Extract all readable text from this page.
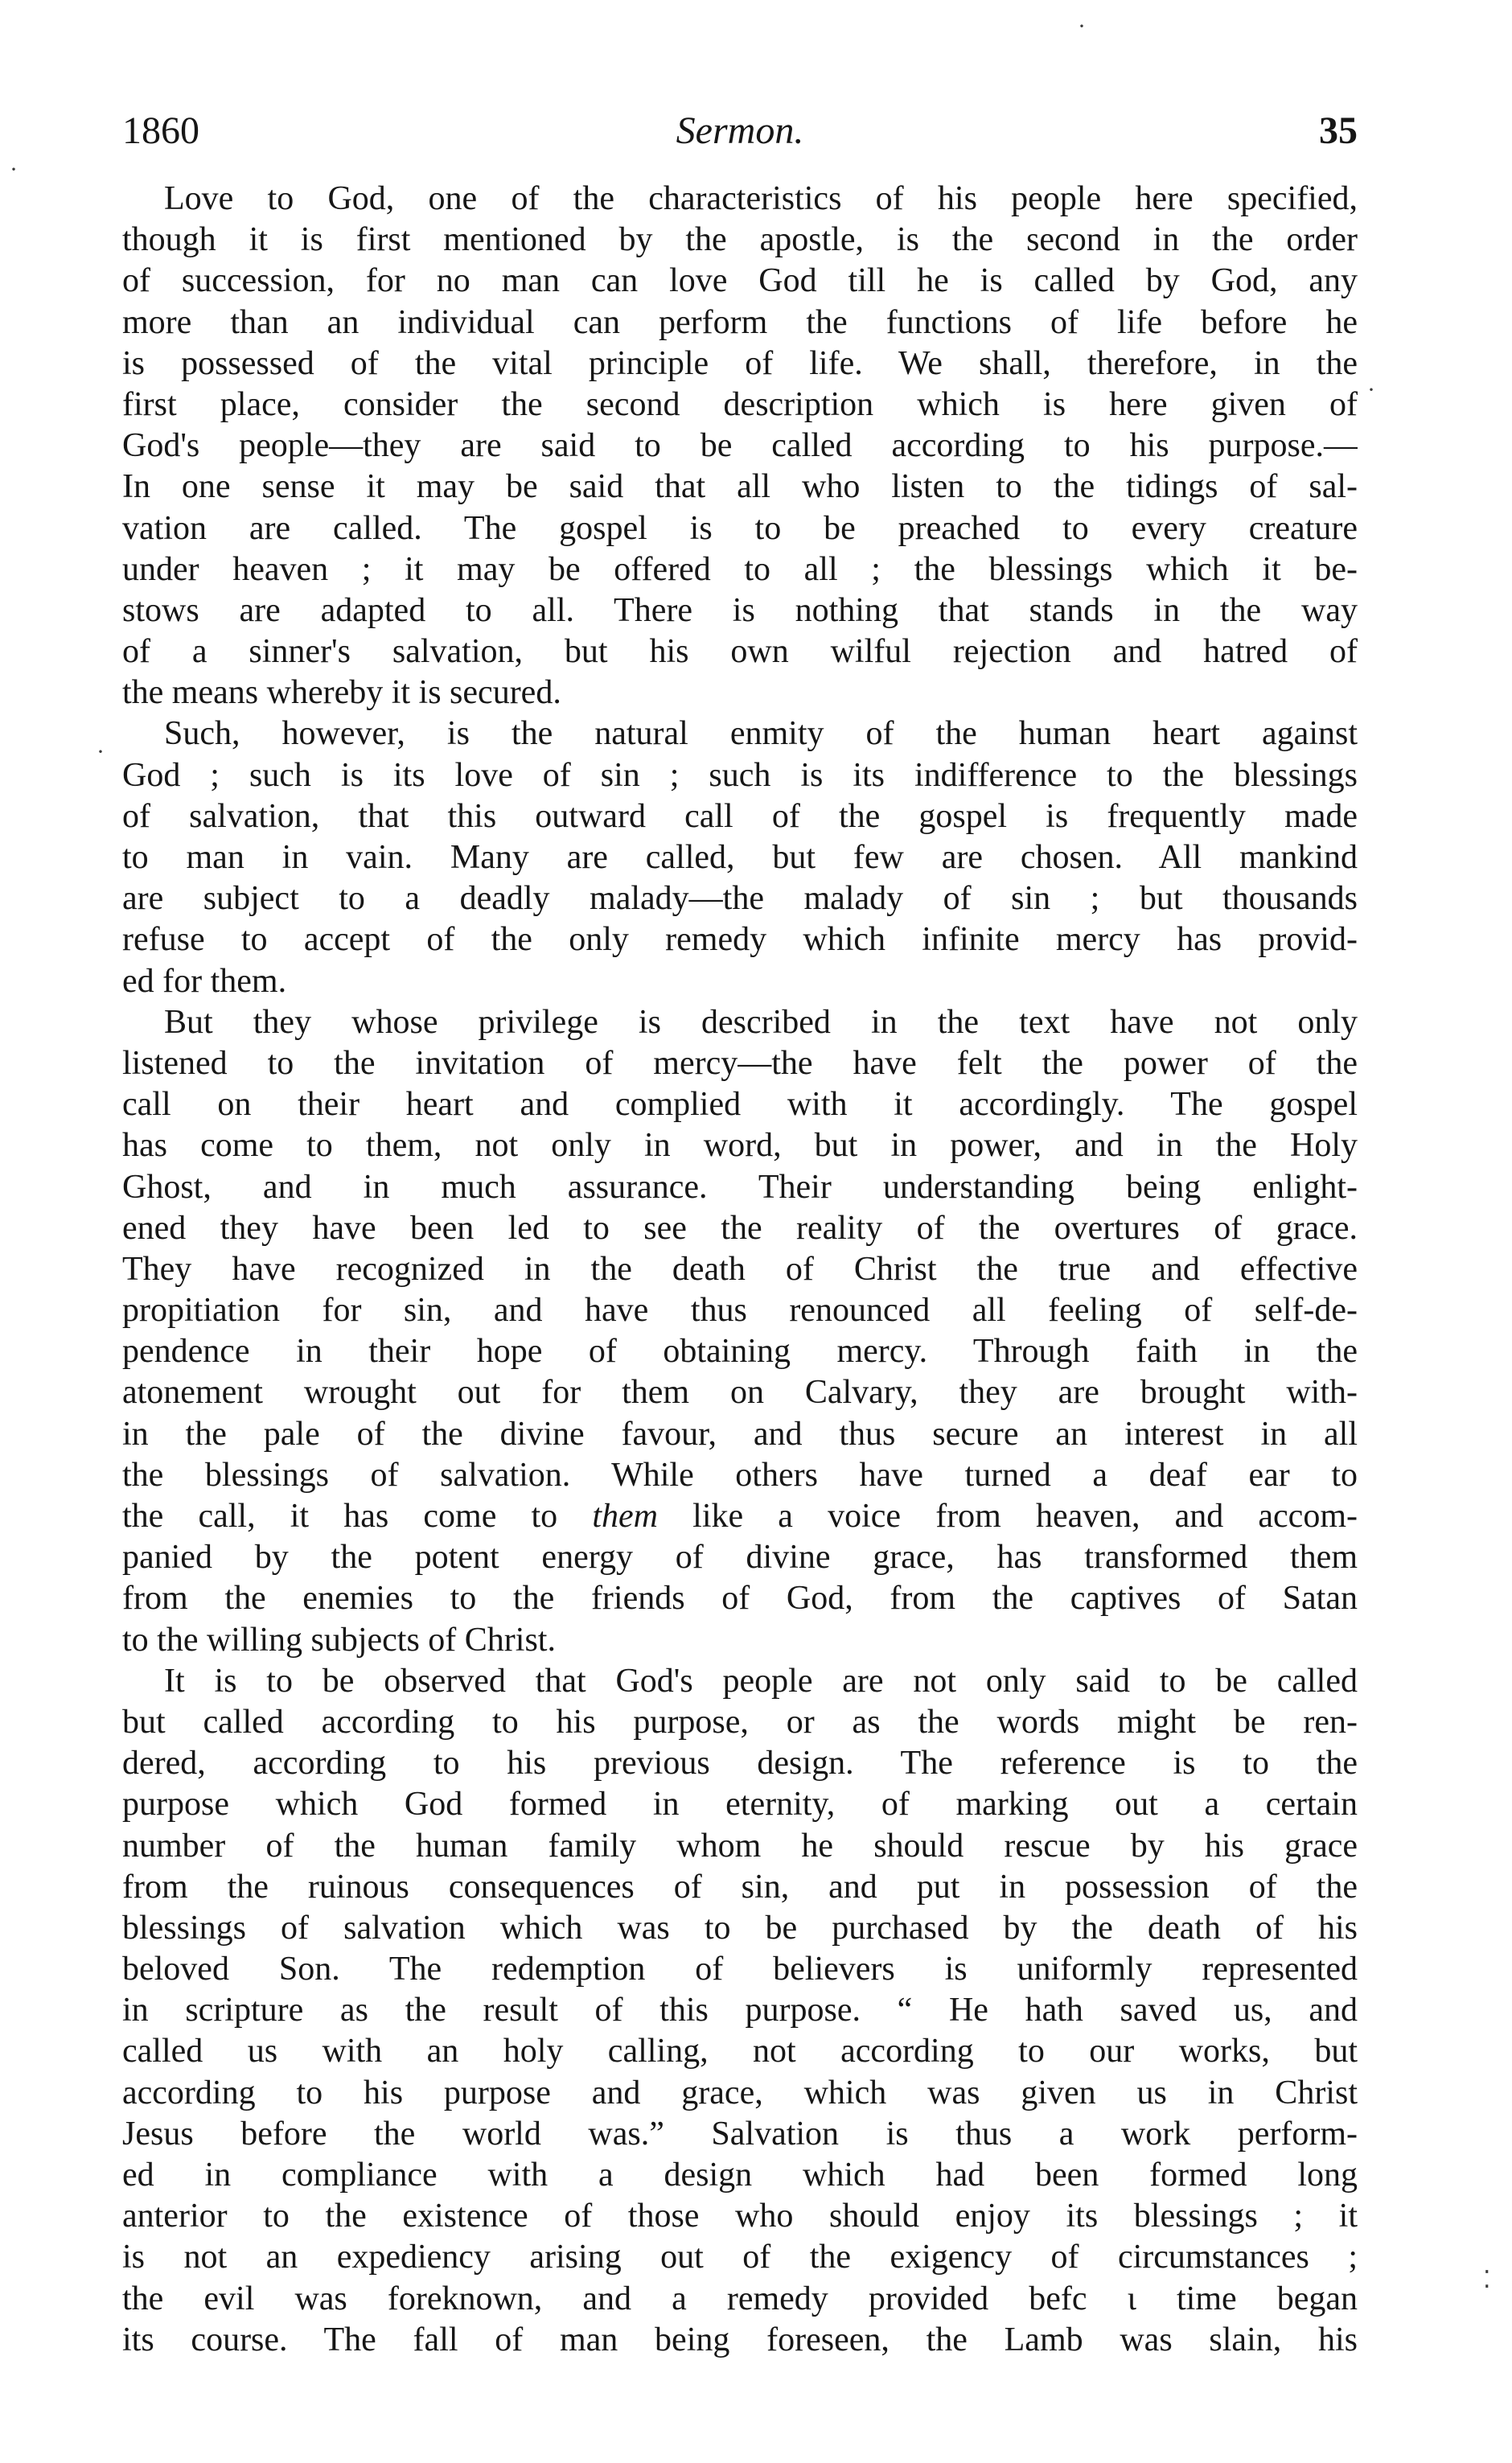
1860	Sermon.	35
Love to God, one of the characteristics of his people here specified,
though it is first mentioned by the apostle, is the second in the order
of succession, for no man can love God till he is called by God, any
more than an individual can perform the functions of life before he
is possessed of the vital principle of life. We shall, therefore, in the
first place, consider the second description which is here given of
God's people—they are said to be called according to his purpose.—
In one sense it may be said that all who listen to the tidings of sal-
vation are called. The gospel is to be preached to every creature
under heaven ; it may be offered to all ; the blessings which it be-
stows are adapted to all. There is nothing that stands in the way
of a sinner's salvation, but his own wilful rejection and hatred of
the means whereby it is secured.
Such, however, is the natural enmity of the human heart against
God ; such is its love of sin ; such is its indifference to the blessings
of salvation, that this outward call of the gospel is frequently made
to man in vain. Many are called, but few are chosen. All mankind
are subject to a deadly malady—the malady of sin ; but thousands
refuse to accept of the only remedy which infinite mercy has provid-
ed for them.
But they whose privilege is described in the text have not only
listened to the invitation of mercy—the have felt the power of the
call on their heart and complied with it accordingly. The gospel
has come to them, not only in word, but in power, and in the Holy
Ghost, and in much assurance. Their understanding being enlight-
ened they have been led to see the reality of the overtures of grace.
They have recognized in the death of Christ the true and effective
propitiation for sin, and have thus renounced all feeling of self-de-
pendence in their hope of obtaining mercy. Through faith in the
atonement wrought out for them on Calvary, they are brought with-
in the pale of the divine favour, and thus secure an interest in all
the blessings of salvation. While others have turned a deaf ear to
the call, it has come to them like a voice from heaven, and accom-
panied by the potent energy of divine grace, has transformed them
from the enemies to the friends of God, from the captives of Satan
to the willing subjects of Christ.
It is to be observed that God's people are not only said to be called
but called according to his purpose, or as the words might be ren-
dered, according to his previous design. The reference is to the
purpose which God formed in eternity, of marking out a certain
number of the human family whom he should rescue by his grace
from the ruinous consequences of sin, and put in possession of the
blessings of salvation which was to be purchased by the death of his
beloved Son. The redemption of believers is uniformly represented
in scripture as the result of this purpose. “ He hath saved us, and
called us with an holy calling, not according to our works, but
according to his purpose and grace, which was given us in Christ
Jesus before the world was.” Salvation is thus a work perform-
ed in compliance with a design which had been formed long
anterior to the existence of those who should enjoy its blessings ; it
is not an expediency arising out of the exigency of circumstances ;
the evil was foreknown, and a remedy provided befc ι time began
its course. The fall of man being foreseen, the Lamb was slain, his
·
·
·
·
⁚
